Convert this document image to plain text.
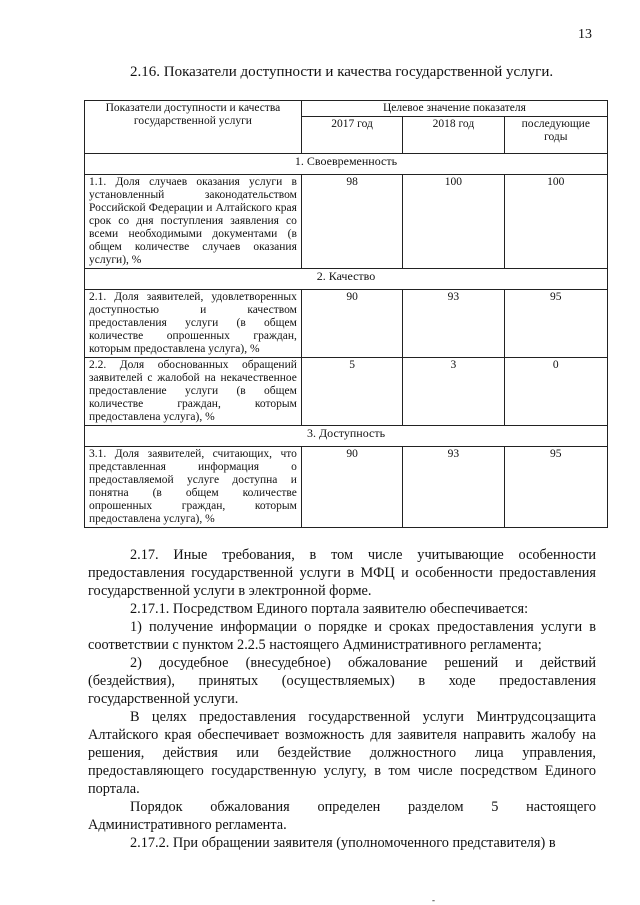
13
2.16. Показатели доступности и качества государственной услуги.
Показатели доступности и качества государственной услуги	Целевое значение показателя		
	2017 год	2018 год	последующие годы
1. Своевременность			
1.1. Доля случаев оказания услуги в установленный законодательством Российской Федерации и Алтайского края срок со дня поступления заявления со всеми необходимыми документами (в общем количестве случаев оказания услуги), %	98	100	100
2. Качество			
2.1. Доля заявителей, удовлетворенных доступностью и качеством предоставления услуги (в общем количестве опрошенных граждан, которым предоставлена услуга), %	90	93	95
2.2. Доля обоснованных обращений заявителей с жалобой на некачественное предоставление услуги (в общем количестве граждан, которым предоставлена услуга), %	5	3	0
3. Доступность			
3.1. Доля заявителей, считающих, что представленная информация о предоставляемой услуге доступна и понятна (в общем количестве опрошенных граждан, которым предоставлена услуга), %	90	93	95

2.17. Иные требования, в том числе учитывающие особенности предоставления государственной услуги в МФЦ и особенности предоставления государственной услуги в электронной форме.

2.17.1. Посредством Единого портала заявителю обеспечивается:

1) получение информации о порядке и сроках предоставления услуги в соответствии с пунктом 2.2.5 настоящего Административного регламента;

2) досудебное (внесудебное) обжалование решений и действий (бездействия), принятых (осуществляемых) в ходе предоставления государственной услуги.

В целях предоставления государственной услуги Минтрудсоцзащита Алтайского края обеспечивает возможность для заявителя направить жалобу на решения, действия или бездействие должностного лица управления, предоставляющего государственную услугу, в том числе посредством Единого портала.

Порядок обжалования определен разделом 5 настоящего Административного регламента.

2.17.2. При обращении заявителя (уполномоченного представителя) в

-
